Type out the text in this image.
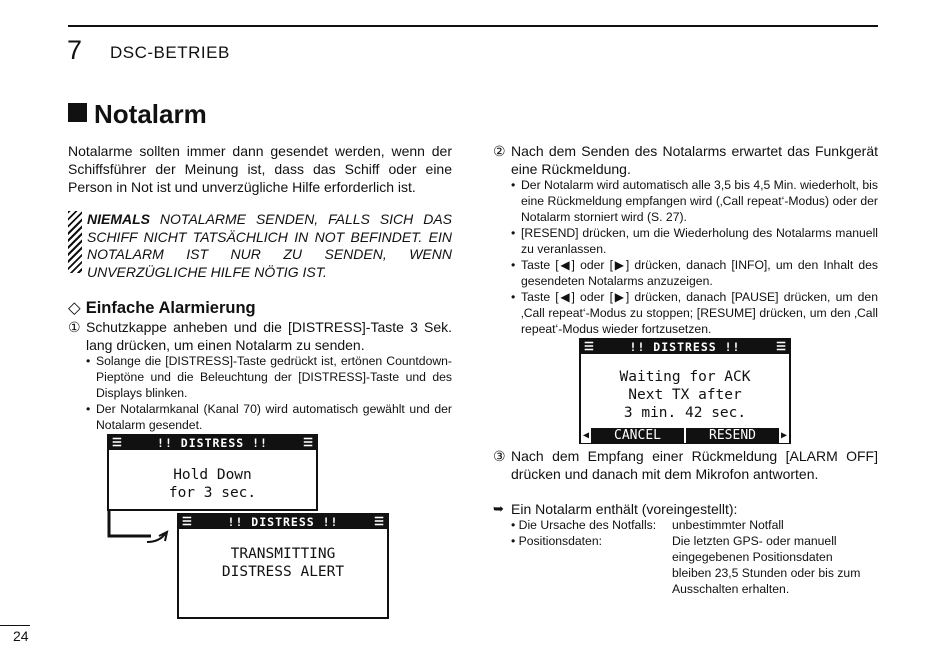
7 DSC-BETRIEB
Notalarm
Notalarme sollten immer dann gesendet werden, wenn der Schiffsführer der Meinung ist, dass das Schiff oder eine Person in Not ist und unverzügliche Hilfe erforderlich ist.
NIEMALS NOTALARME SENDEN, FALLS SICH DAS SCHIFF NICHT TATSÄCHLICH IN NOT BEFINDET. EIN NOTALARM IST NUR ZU SENDEN, WENN UNVERZÜGLICHE HILFE NÖTIG IST.
◇ Einfache Alarmierung
① Schutzkappe anheben und die [DISTRESS]-Taste 3 Sek. lang drücken, um einen Notalarm zu senden.
• Solange die [DISTRESS]-Taste gedrückt ist, ertönen Countdown-Pieptöne und die Beleuchtung der [DISTRESS]-Taste und des Displays blinken.
• Der Notalarmkanal (Kanal 70) wird automatisch gewählt und der Notalarm gesendet.
☰	!! DISTRESS !!	☰
Hold Down
for 3 sec.
☰	!! DISTRESS !!	☰
TRANSMITTING
DISTRESS ALERT
② Nach dem Senden des Notalarms erwartet das Funkgerät eine Rückmeldung.
• Der Notalarm wird automatisch alle 3,5 bis 4,5 Min. wiederholt, bis eine Rückmeldung empfangen wird (‚Call repeat‘-Modus) oder der Notalarm storniert wird (S. 27).
• [RESEND] drücken, um die Wiederholung des Notalarms manuell zu veranlassen.
• Taste [◀] oder [▶] drücken, danach [INFO], um den Inhalt des gesendeten Notalarms anzuzeigen.
• Taste [◀] oder [▶] drücken, danach [PAUSE] drücken, um den ‚Call repeat‘-Modus zu stoppen; [RESUME] drücken, um den ‚Call repeat‘-Modus wieder fortzusetzen.
☰	!! DISTRESS !!	☰
Waiting for ACK
Next TX after
3 min. 42 sec.
◀	CANCEL	RESEND	▶
③ Nach dem Empfang einer Rückmeldung [ALARM OFF] drücken und danach mit dem Mikrofon antworten.
➥ Ein Notalarm enthält (voreingestellt):
• Die Ursache des Notfalls:	unbestimmter Notfall
• Positionsdaten:	Die letzten GPS- oder manuell eingegebenen Positionsdaten bleiben 23,5 Stunden oder bis zum Ausschalten erhalten.
24
